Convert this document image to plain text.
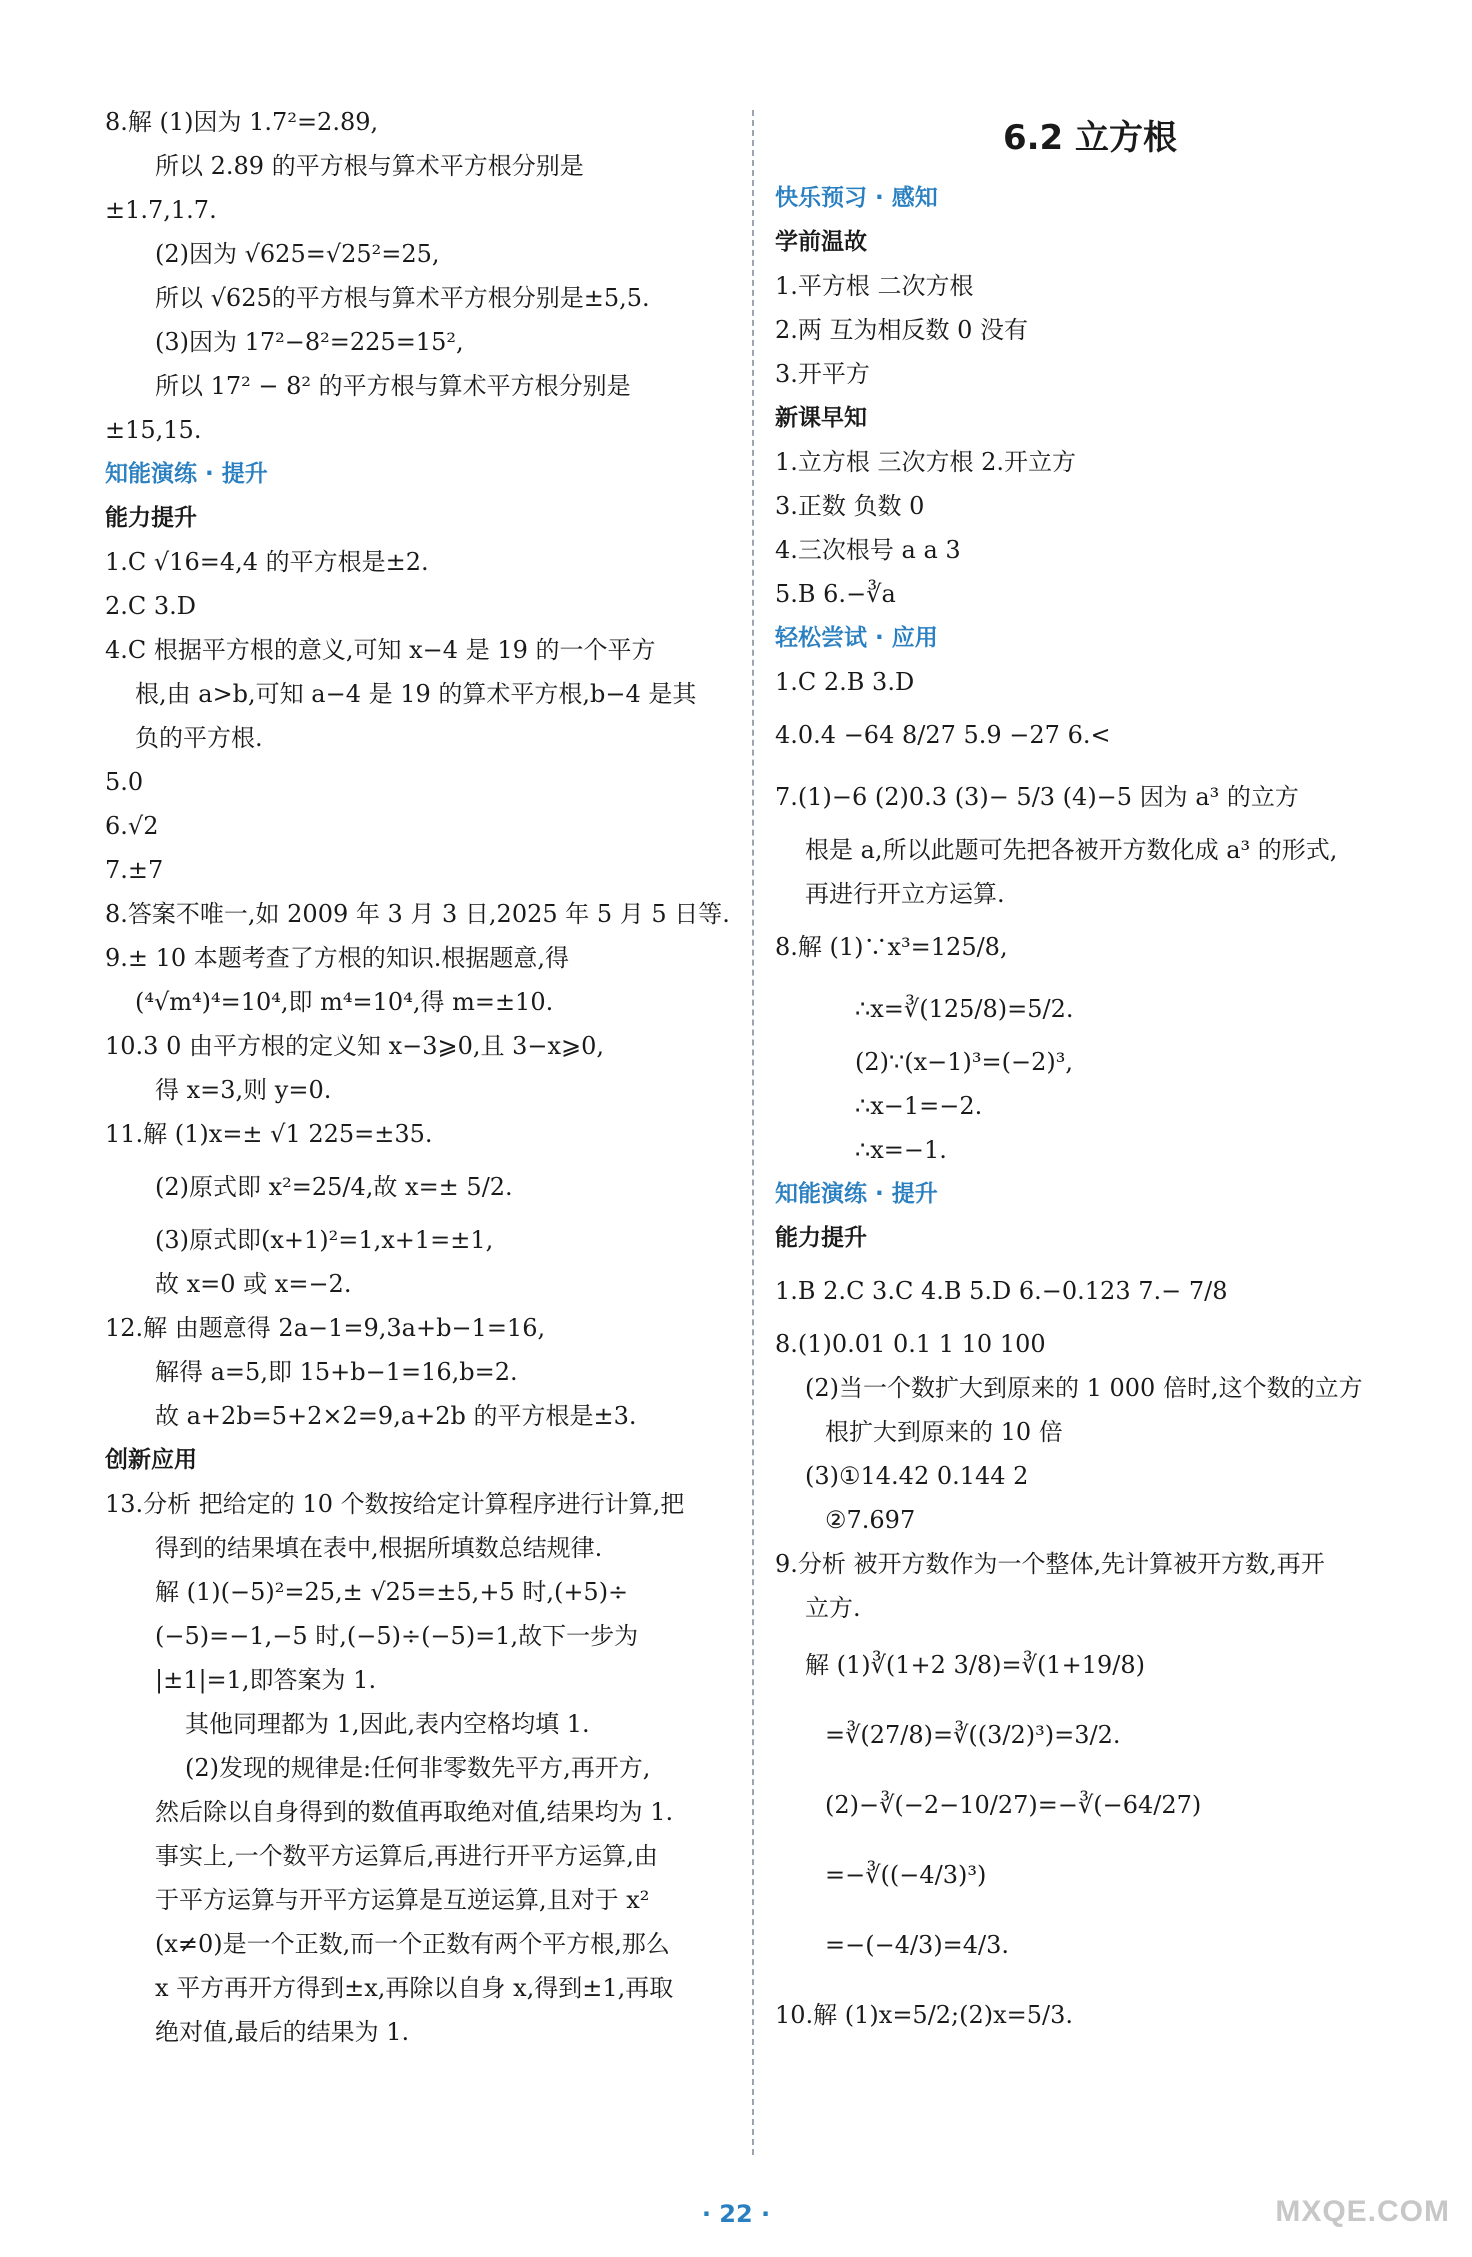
8.解 (1)因为 1.7²=2.89,
所以 2.89 的平方根与算术平方根分别是
±1.7,1.7.
(2)因为 √625=√25²=25,
所以 √625的平方根与算术平方根分别是±5,5.
(3)因为 17²−8²=225=15²,
所以 17² − 8² 的平方根与算术平方根分别是
±15,15.
知能演练 · 提升
能力提升
1.C √16=4,4 的平方根是±2.
2.C 3.D
4.C 根据平方根的意义,可知 x−4 是 19 的一个平方
根,由 a>b,可知 a−4 是 19 的算术平方根,b−4 是其
负的平方根.
5.0
6.√2
7.±7
8.答案不唯一,如 2009 年 3 月 3 日,2025 年 5 月 5 日等.
9.± 10 本题考查了方根的知识.根据题意,得
(⁴√m⁴)⁴=10⁴,即 m⁴=10⁴,得 m=±10.
10.3 0 由平方根的定义知 x−3⩾0,且 3−x⩾0,
得 x=3,则 y=0.
11.解 (1)x=± √1 225=±35.
(2)原式即 x²=25/4,故 x=± 5/2.
(3)原式即(x+1)²=1,x+1=±1,
故 x=0 或 x=−2.
12.解 由题意得 2a−1=9,3a+b−1=16,
解得 a=5,即 15+b−1=16,b=2.
故 a+2b=5+2×2=9,a+2b 的平方根是±3.
创新应用
13.分析 把给定的 10 个数按给定计算程序进行计算,把
得到的结果填在表中,根据所填数总结规律.
解 (1)(−5)²=25,± √25=±5,+5 时,(+5)÷
(−5)=−1,−5 时,(−5)÷(−5)=1,故下一步为
|±1|=1,即答案为 1.
其他同理都为 1,因此,表内空格均填 1.
(2)发现的规律是:任何非零数先平方,再开方,
然后除以自身得到的数值再取绝对值,结果均为 1.
事实上,一个数平方运算后,再进行开平方运算,由
于平方运算与开平方运算是互逆运算,且对于 x²
(x≠0)是一个正数,而一个正数有两个平方根,那么
x 平方再开方得到±x,再除以自身 x,得到±1,再取
绝对值,最后的结果为 1.
6.2 立方根
快乐预习 · 感知
学前温故
1.平方根 二次方根
2.两 互为相反数 0 没有
3.开平方
新课早知
1.立方根 三次方根 2.开立方
3.正数 负数 0
4.三次根号 a a 3
5.B 6.−∛a
轻松尝试 · 应用
1.C 2.B 3.D
4.0.4 −64 8/27 5.9 −27 6.<
7.(1)−6 (2)0.3 (3)− 5/3 (4)−5 因为 a³ 的立方
根是 a,所以此题可先把各被开方数化成 a³ 的形式,
再进行开立方运算.
8.解 (1)∵x³=125/8,
∴x=∛(125/8)=5/2.
(2)∵(x−1)³=(−2)³,
∴x−1=−2.
∴x=−1.
知能演练 · 提升
能力提升
1.B 2.C 3.C 4.B 5.D 6.−0.123 7.− 7/8
8.(1)0.01 0.1 1 10 100
(2)当一个数扩大到原来的 1 000 倍时,这个数的立方
根扩大到原来的 10 倍
(3)①14.42 0.144 2
②7.697
9.分析 被开方数作为一个整体,先计算被开方数,再开
立方.
解 (1)∛(1+2 3/8)=∛(1+19/8)
=∛(27/8)=∛((3/2)³)=3/2.
(2)−∛(−2−10/27)=−∛(−64/27)
=−∛((−4/3)³)
=−(−4/3)=4/3.
10.解 (1)x=5/2;(2)x=5/3.
· 22 ·	MXQE.COM
